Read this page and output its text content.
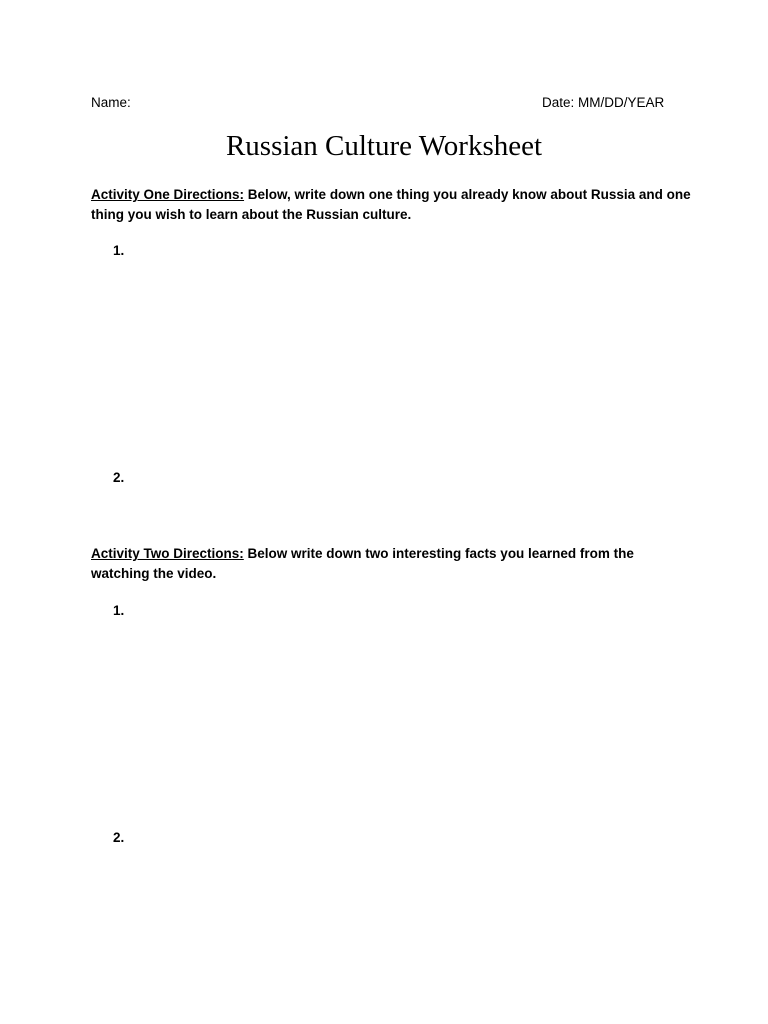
Name:	Date: MM/DD/YEAR
Russian Culture Worksheet
Activity One Directions: Below, write down one thing you already know about Russia and one thing you wish to learn about the Russian culture.
1.
2.
Activity Two Directions: Below write down two interesting facts you learned from the watching the video.
1.
2.
